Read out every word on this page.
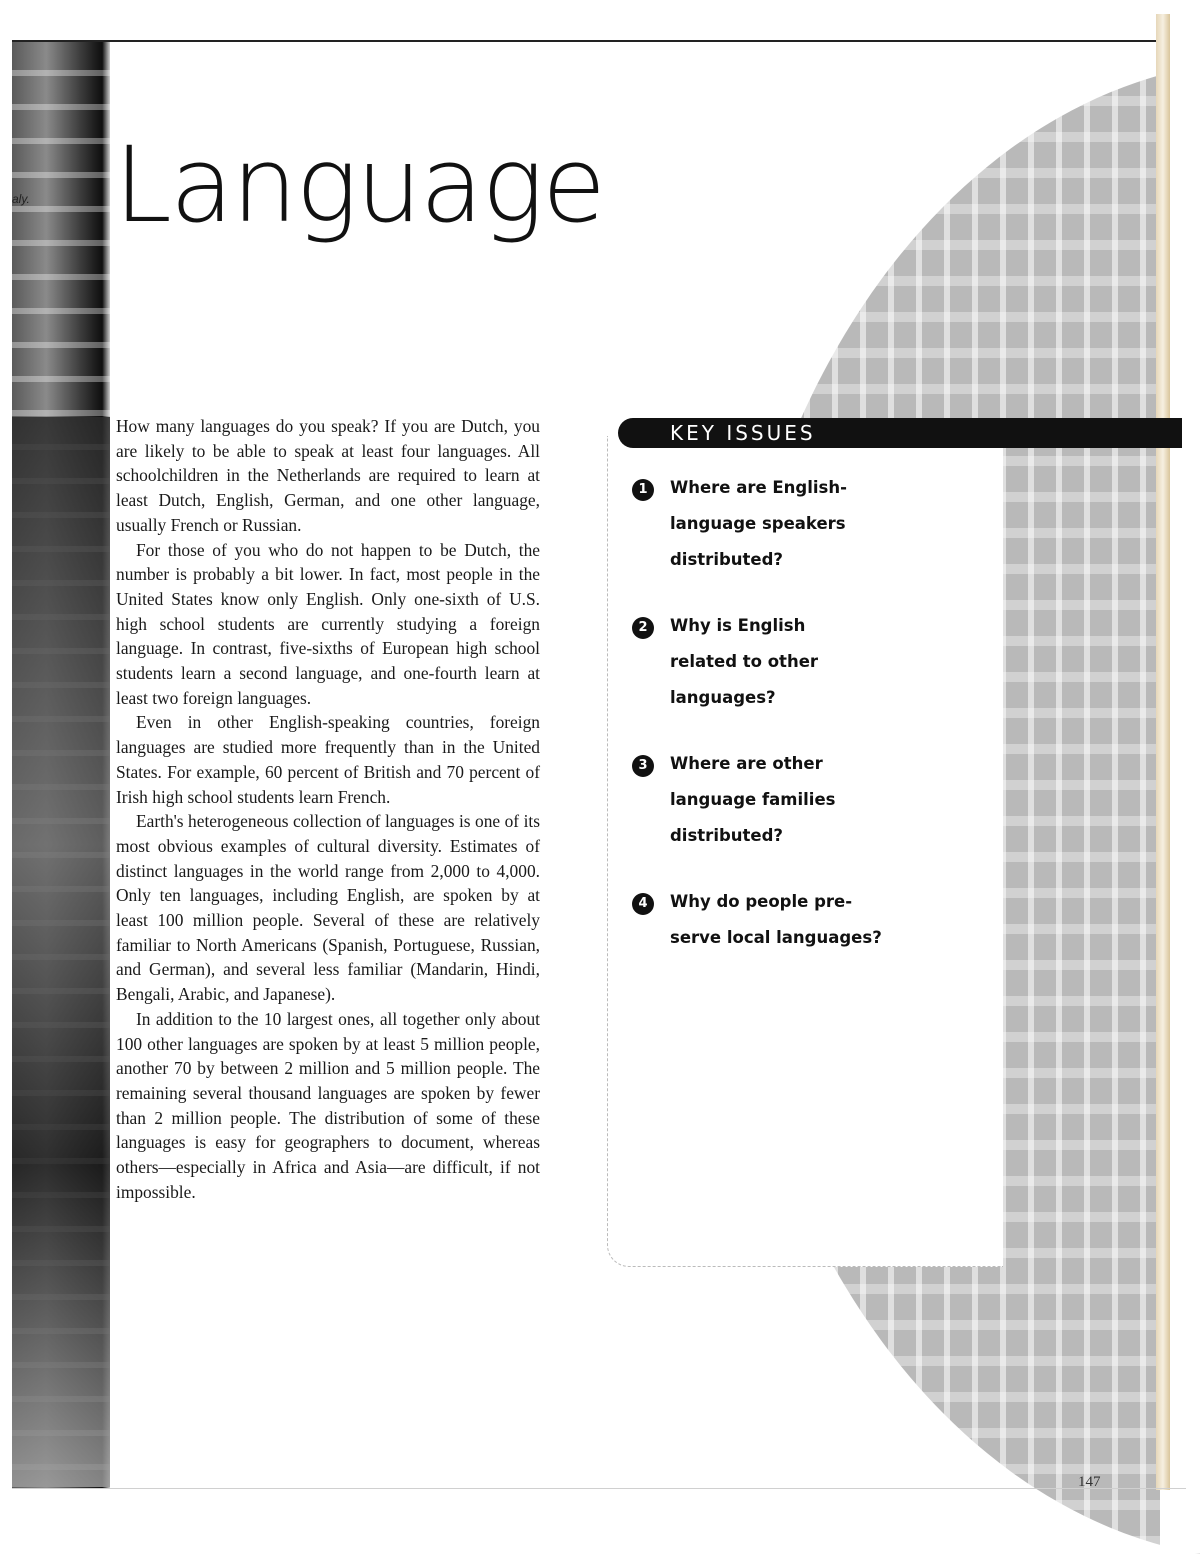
aly. Language

How many languages do you speak? If you are Dutch, you are likely to be able to speak at least four languages. All schoolchildren in the Netherlands are required to learn at least Dutch, English, German, and one other language, usually French or Russian.

For those of you who do not happen to be Dutch, the number is probably a bit lower. In fact, most people in the United States know only English. Only one-sixth of U.S. high school students are currently studying a foreign language. In contrast, five-sixths of European high school students learn a second language, and one-fourth learn at least two foreign languages.

Even in other English-speaking countries, foreign languages are studied more frequently than in the United States. For example, 60 percent of British and 70 percent of Irish high school students learn French.

Earth's heterogeneous collection of languages is one of its most obvious examples of cultural diversity. Estimates of distinct languages in the world range from 2,000 to 4,000. Only ten languages, including English, are spoken by at least 100 million people. Several of these are relatively familiar to North Americans (Spanish, Portuguese, Russian, and German), and several less familiar (Mandarin, Hindi, Bengali, Arabic, and Japanese).

In addition to the 10 largest ones, all together only about 100 other languages are spoken by at least 5 million people, another 70 by between 2 million and 5 million people. The remaining several thousand languages are spoken by fewer than 2 million people. The distribution of some of these languages is easy for geographers to document, whereas others—especially in Africa and Asia—are difficult, if not impossible.

KEY ISSUES
1	Where are English-
language speakers
distributed?
2	Why is English
related to other
languages?
3	Where are other
language families
distributed?
4	Why do people pre-
serve local languages?
147
